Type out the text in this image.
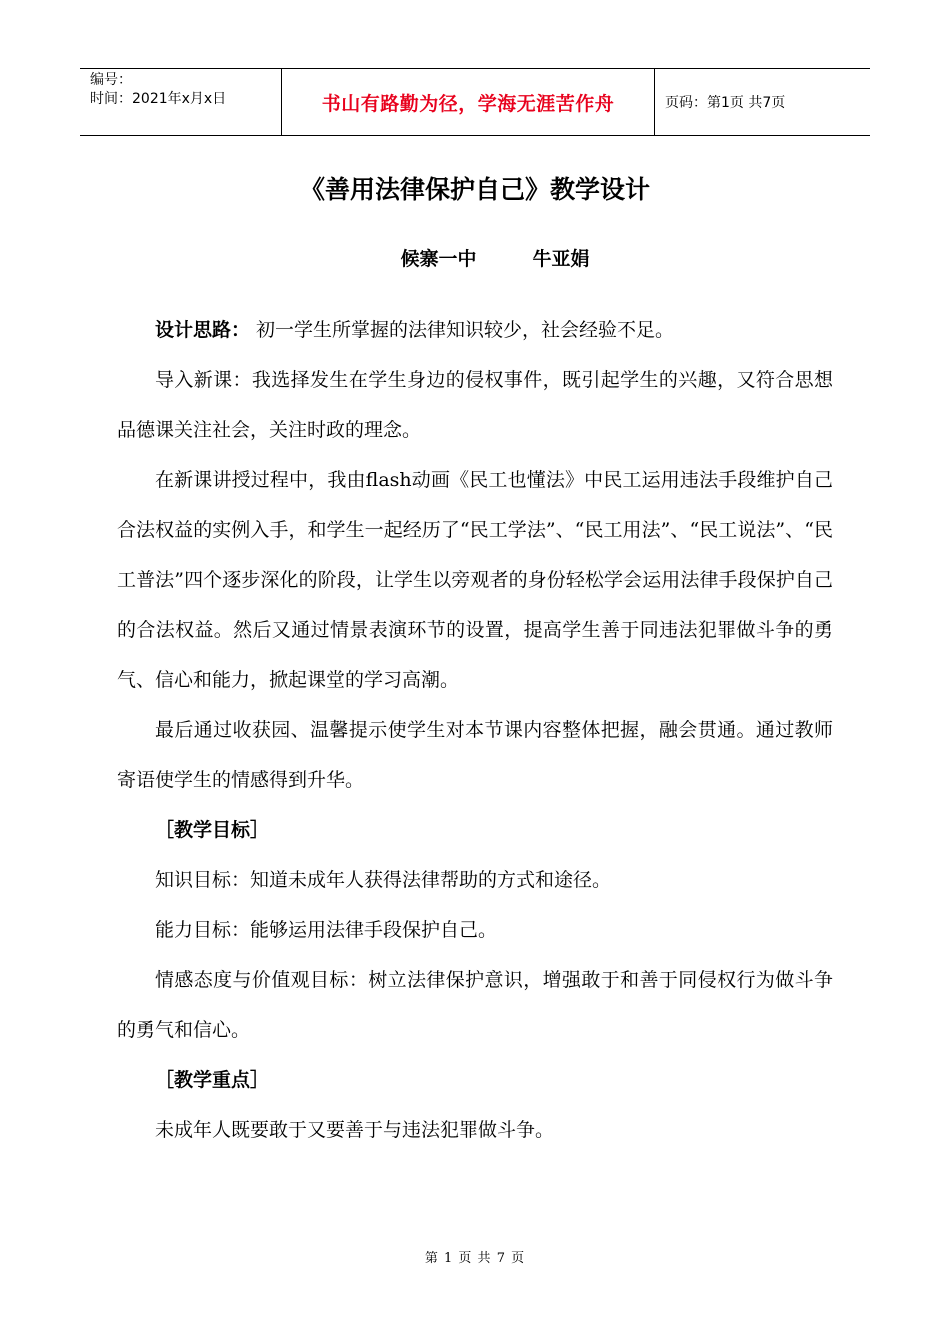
编号：
时间：2021年x月x日	书山有路勤为径，学海无涯苦作舟	页码：第1页 共7页
《善用法律保护自己》教学设计
候寨一中	牛亚娟

设计思路： 初一学生所掌握的法律知识较少，社会经验不足。

导入新课：我选择发生在学生身边的侵权事件，既引起学生的兴趣，又符合思想品德课关注社会，关注时政的理念。

在新课讲授过程中，我由flash动画《民工也懂法》中民工运用违法手段维护自己合法权益的实例入手，和学生一起经历了“民工学法”、“民工用法”、“民工说法”、“民工普法”四个逐步深化的阶段，让学生以旁观者的身份轻松学会运用法律手段保护自己的合法权益。然后又通过情景表演环节的设置，提高学生善于同违法犯罪做斗争的勇气、信心和能力，掀起课堂的学习高潮。

最后通过收获园、温馨提示使学生对本节课内容整体把握，融会贯通。通过教师寄语使学生的情感得到升华。

［教学目标］

知识目标：知道未成年人获得法律帮助的方式和途径。

能力目标：能够运用法律手段保护自己。

情感态度与价值观目标：树立法律保护意识，增强敢于和善于同侵权行为做斗争的勇气和信心。

［教学重点］

未成年人既要敢于又要善于与违法犯罪做斗争。

第 1 页 共 7 页
